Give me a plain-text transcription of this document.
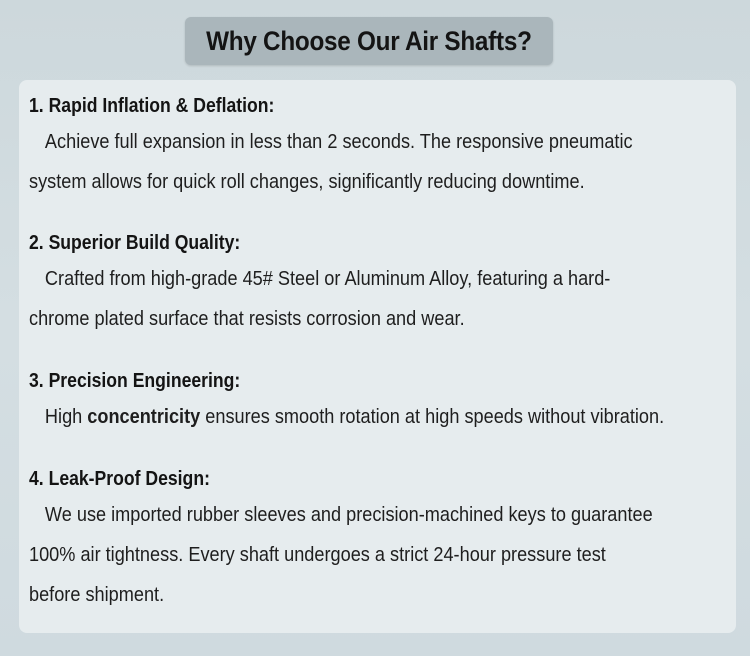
Why Choose Our Air Shafts?
1. Rapid Inflation & Deflation:
Achieve full expansion in less than 2 seconds. The responsive pneumatic
system allows for quick roll changes, significantly reducing downtime.
2. Superior Build Quality:
Crafted from high-grade 45# Steel or Aluminum Alloy, featuring a hard-
chrome plated surface that resists corrosion and wear.
3. Precision Engineering:
High concentricity ensures smooth rotation at high speeds without vibration.
4. Leak-Proof Design:
We use imported rubber sleeves and precision-machined keys to guarantee
100% air tightness. Every shaft undergoes a strict 24-hour pressure test
before shipment.
